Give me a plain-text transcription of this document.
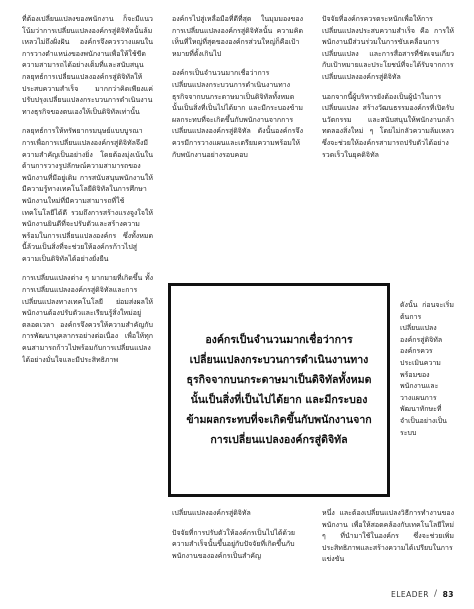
ที่ต้องเปลี่ยนแปลงของพนักงาน ก็จะมีแนวโน้มว่าการเปลี่ยนแปลงองค์กรสู่ดิจิทัลนั้นล้มเหลวไม่ถึงฝั่งฝัน องค์กรจึงควรวางแผนในการวางตำแหน่งของพนักงานเพื่อให้ใช้ขีดความสามารถได้อย่างเต็มที่และสนับสนุนกลยุทธ์การเปลี่ยนแปลงองค์กรสู่ดิจิทัลให้ประสบความสำเร็จ มากกว่าคิดเพียงแค่ปรับปรุงเปลี่ยนแปลงกระบวนการดำเนินงานทางธุรกิจของตนเองให้เป็นดิจิทัลเท่านั้น

กลยุทธ์การให้ทรัพยากรมนุษย์แบบบูรณาการเพื่อการเปลี่ยนแปลงองค์กรสู่ดิจิทัลจึงมีความสำคัญเป็นอย่างยิ่ง โดยต้องมุ่งเน้นในด้านการวางรูปลักษณ์ความสามารถของพนักงานที่มีอยู่เดิม การสนับสนุนพนักงานให้มีความรู้ทางเทคโนโลยีดิจิทัลในการศึกษาพนักงานใหม่ที่มีความสามารถที่ใช้เทคโนโลยีได้ดี รวมถึงการสร้างแรงจูงใจให้พนักงานยินดีที่จะปรับตัวและสร้างความพร้อมในการเปลี่ยนแปลงองค์กร ซึ่งทั้งหมดนี้ล้วนเป็นสิ่งที่จะช่วยให้องค์กรก้าวไปสู่ความเป็นดิจิทัลได้อย่างยั่งยืน

การเปลี่ยนแปลงต่าง ๆ มากมายที่เกิดขึ้น ทั้งการเปลี่ยนแปลงองค์กรสู่ดิจิทัลและการเปลี่ยนแปลงทางเทคโนโลยี ย่อมส่งผลให้พนักงานต้องปรับตัวและเรียนรู้สิ่งใหม่อยู่ตลอดเวลา องค์กรจึงควรให้ความสำคัญกับการพัฒนาบุคลากรอย่างต่อเนื่อง เพื่อให้ทุกคนสามารถก้าวไปพร้อมกับการเปลี่ยนแปลงได้อย่างมั่นใจและมีประสิทธิภาพ

องค์กรไปสู่เหลื่อมือที่ดีที่สุด ในมุมมองของการเปลี่ยนแปลงองค์กรสู่ดิจิทัลนั้น ความคิดเห็นที่ใหญ่ที่สุดขององค์กรส่วนใหญ่ก็คือเป้าหมายที่ตั้งเกินไป

องค์กรเป็นจำนวนมากเชื่อว่าการเปลี่ยนแปลงกระบวนการดำเนินงานทางธุรกิจจากบนกระดาษมาเป็นดิจิทัลทั้งหมดนั้นเป็นสิ่งที่เป็นไปได้ยาก และมีกระบองข้ามผลกระทบที่จะเกิดขึ้นกับพนักงานจากการเปลี่ยนแปลงองค์กรสู่ดิจิทัล ดังนั้นองค์กรจึงควรมีการวางแผนและเตรียมความพร้อมให้กับพนักงานอย่างรอบคอบ

ปัจจัยที่องค์กรควรตระหนักเพื่อให้การเปลี่ยนแปลงประสบความสำเร็จ คือ การให้พนักงานมีส่วนร่วมในการขับเคลื่อนการเปลี่ยนแปลง และการสื่อสารที่ชัดเจนเกี่ยวกับเป้าหมายและประโยชน์ที่จะได้รับจากการเปลี่ยนแปลงองค์กรสู่ดิจิทัล

นอกจากนี้ผู้บริหารยังต้องเป็นผู้นำในการเปลี่ยนแปลง สร้างวัฒนธรรมองค์กรที่เปิดรับนวัตกรรม และสนับสนุนให้พนักงานกล้าทดลองสิ่งใหม่ ๆ โดยไม่กลัวความล้มเหลว ซึ่งจะช่วยให้องค์กรสามารถปรับตัวได้อย่างรวดเร็วในยุคดิจิทัล

ดังนั้น ก่อนจะเริ่มต้นการเปลี่ยนแปลงองค์กรสู่ดิจิทัล องค์กรควรประเมินความพร้อมของพนักงานและวางแผนการพัฒนาทักษะที่จำเป็นอย่างเป็นระบบ

องค์กรเป็นจำนวนมากเชื่อว่าการเปลี่ยนแปลงกระบวนการดำเนินงานทางธุรกิจจากบนกระดาษมาเป็นดิจิทัลทั้งหมดนั้นเป็นสิ่งที่เป็นไปได้ยาก และมีกระบองข้ามผลกระทบที่จะเกิดขึ้นกับพนักงานจากการเปลี่ยนแปลงองค์กรสู่ดิจิทัล

เปลี่ยนแปลงองค์กรสู่ดิจิทัล

ปัจจัยที่การปรับตัวให้องค์กรเป็นไปได้ด้วยความสำเร็จนั้นขึ้นอยู่กับปัจจัยที่เกิดขึ้นกับพนักงานขององค์กรเป็นสำคัญ

หนึ่ง และต้องเปลี่ยนแปลงวิธีการทำงานของพนักงาน เพื่อให้สอดคล้องกับเทคโนโลยีใหม่ ๆ ที่นำมาใช้ในองค์กร ซึ่งจะช่วยเพิ่มประสิทธิภาพและสร้างความได้เปรียบในการแข่งขัน

ELEADER / 83
